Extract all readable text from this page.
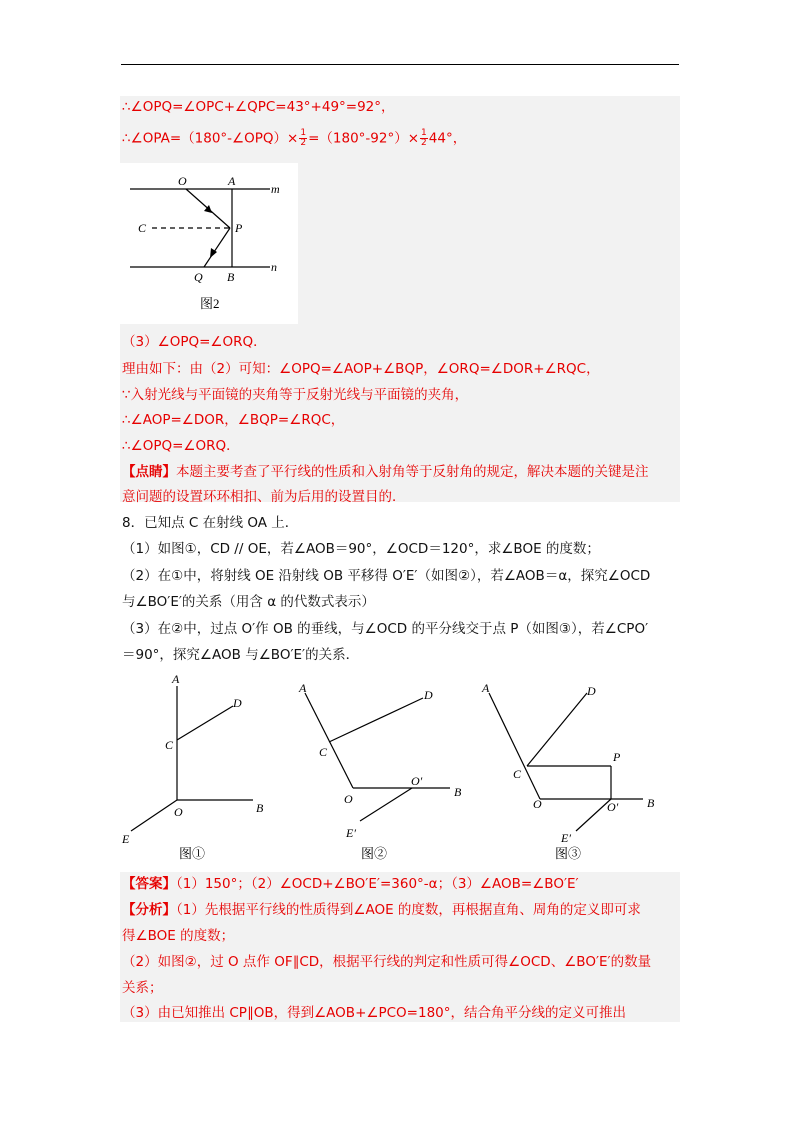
∴∠OPQ=∠OPC+∠QPC=43°+49°=92°，
∴∠OPA=（180°-∠OPQ）× $\frac{1}{2} =(180^\circ-92^\circ)\times \frac{1}{2} 44^\circ$，
O	A
m
C	P
Q B
n
图2
（3）∠OPQ=∠ORQ．
理由如下：由（2）可知：∠OPQ=∠AOP+∠BQP，∠ORQ=∠DOR+∠RQC，
∵入射光线与平面镜的夹角等于反射光线与平面镜的夹角，
∴∠AOP=∠DOR，∠BQP=∠RQC，
∴∠OPQ=∠ORQ．
【点睛】本题主要考查了平行线的性质和入射角等于反射角的规定，解决本题的关键是注
意问题的设置环环相扣、前为后用的设置目的．
8．已知点 C 在射线 OA 上．
（1）如图①，CD // OE，若∠AOB＝90°，∠OCD＝120°，求∠BOE 的度数；
（2）在①中，将射线 OE 沿射线 OB 平移得 O′E′（如图②），若∠AOB＝α，探究∠OCD
与∠BO′E′的关系（用含 α 的代数式表示）
（3）在②中，过点 O′作 OB 的垂线，与∠OCD 的平分线交于点 P（如图③），若∠CPO′
＝90°，探究∠AOB 与∠BO′E′的关系．
A
D
C
O	B
E
图①
A	D
C
O
O′
B
E′
图②
A	D
C
P
O	O′ B
E′
图③
【答案】（1）150°；（2）∠OCD+∠BO′E′=360°-α；（3）∠AOB=∠BO′E′
【分析】（1）先根据平行线的性质得到∠AOE 的度数，再根据直角、周角的定义即可求
得∠BOE 的度数；
（2）如图②，过 O 点作 OF∥CD，根据平行线的判定和性质可得∠OCD、∠BO′E′的数量
关系；
（3）由已知推出 CP∥OB，得到∠AOB+∠PCO=180°，结合角平分线的定义可推出
